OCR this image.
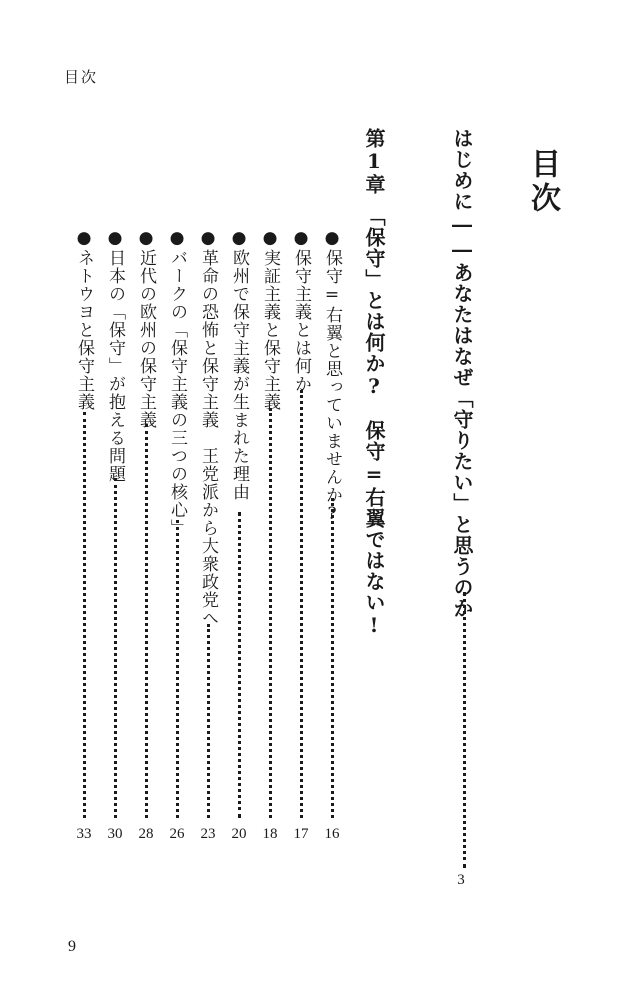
目次
目次
はじめに――あなたはなぜ「守りたい」と思うのか
3
第1章　「保守」とは何か?　保守=右翼ではない!
●保守=右翼と思っていませんか?
16
●保守主義とは何か
17
●実証主義と保守主義
18
●欧州で保守主義が生まれた理由
20
●革命の恐怖と保守主義　王党派から大衆政党へ
23
●バークの「保守主義の三つの核心」
26
●近代の欧州の保守主義
28
●日本の「保守」が抱える問題
30
●ネトウヨと保守主義
33
9
